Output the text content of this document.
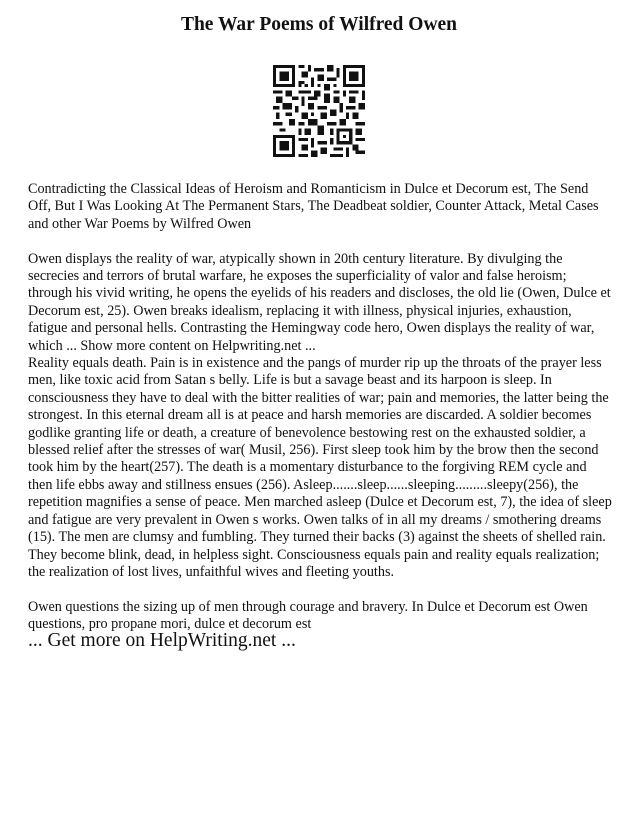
The War Poems of Wilfred Owen

Contradicting the Classical Ideas of Heroism and Romanticism in Dulce et Decorum est, The Send Off, But I Was Looking At The Permanent Stars, The Deadbeat soldier, Counter Attack, Metal Cases and other War Poems by Wilfred Owen

Owen displays the reality of war, atypically shown in 20th century literature. By divulging the secrecies and terrors of brutal warfare, he exposes the superficiality of valor and false heroism; through his vivid writing, he opens the eyelids of his readers and discloses, the old lie (Owen, Dulce et Decorum est, 25). Owen breaks idealism, replacing it with illness, physical injuries, exhaustion, fatigue and personal hells. Contrasting the Hemingway code hero, Owen displays the reality of war, which ... Show more content on Helpwriting.net ...

Reality equals death. Pain is in existence and the pangs of murder rip up the throats of the prayer less men, like toxic acid from Satan s belly. Life is but a savage beast and its harpoon is sleep. In consciousness they have to deal with the bitter realities of war; pain and memories, the latter being the strongest. In this eternal dream all is at peace and harsh memories are discarded. A soldier becomes godlike granting life or death, a creature of benevolence bestowing rest on the exhausted soldier, a blessed relief after the stresses of war( Musil, 256). First sleep took him by the brow then the second took him by the heart(257). The death is a momentary disturbance to the forgiving REM cycle and then life ebbs away and stillness ensues (256). Asleep.......sleep......sleeping.........sleepy(256), the repetition magnifies a sense of peace. Men marched asleep (Dulce et Decorum est, 7), the idea of sleep and fatigue are very prevalent in Owen s works. Owen talks of in all my dreams / smothering dreams (15). The men are clumsy and fumbling. They turned their backs (3) against the sheets of shelled rain. They become blink, dead, in helpless sight. Consciousness equals pain and reality equals realization; the realization of lost lives, unfaithful wives and fleeting youths.

Owen questions the sizing up of men through courage and bravery. In Dulce et Decorum est Owen questions, pro propane mori, dulce et decorum est

... Get more on HelpWriting.net ...
